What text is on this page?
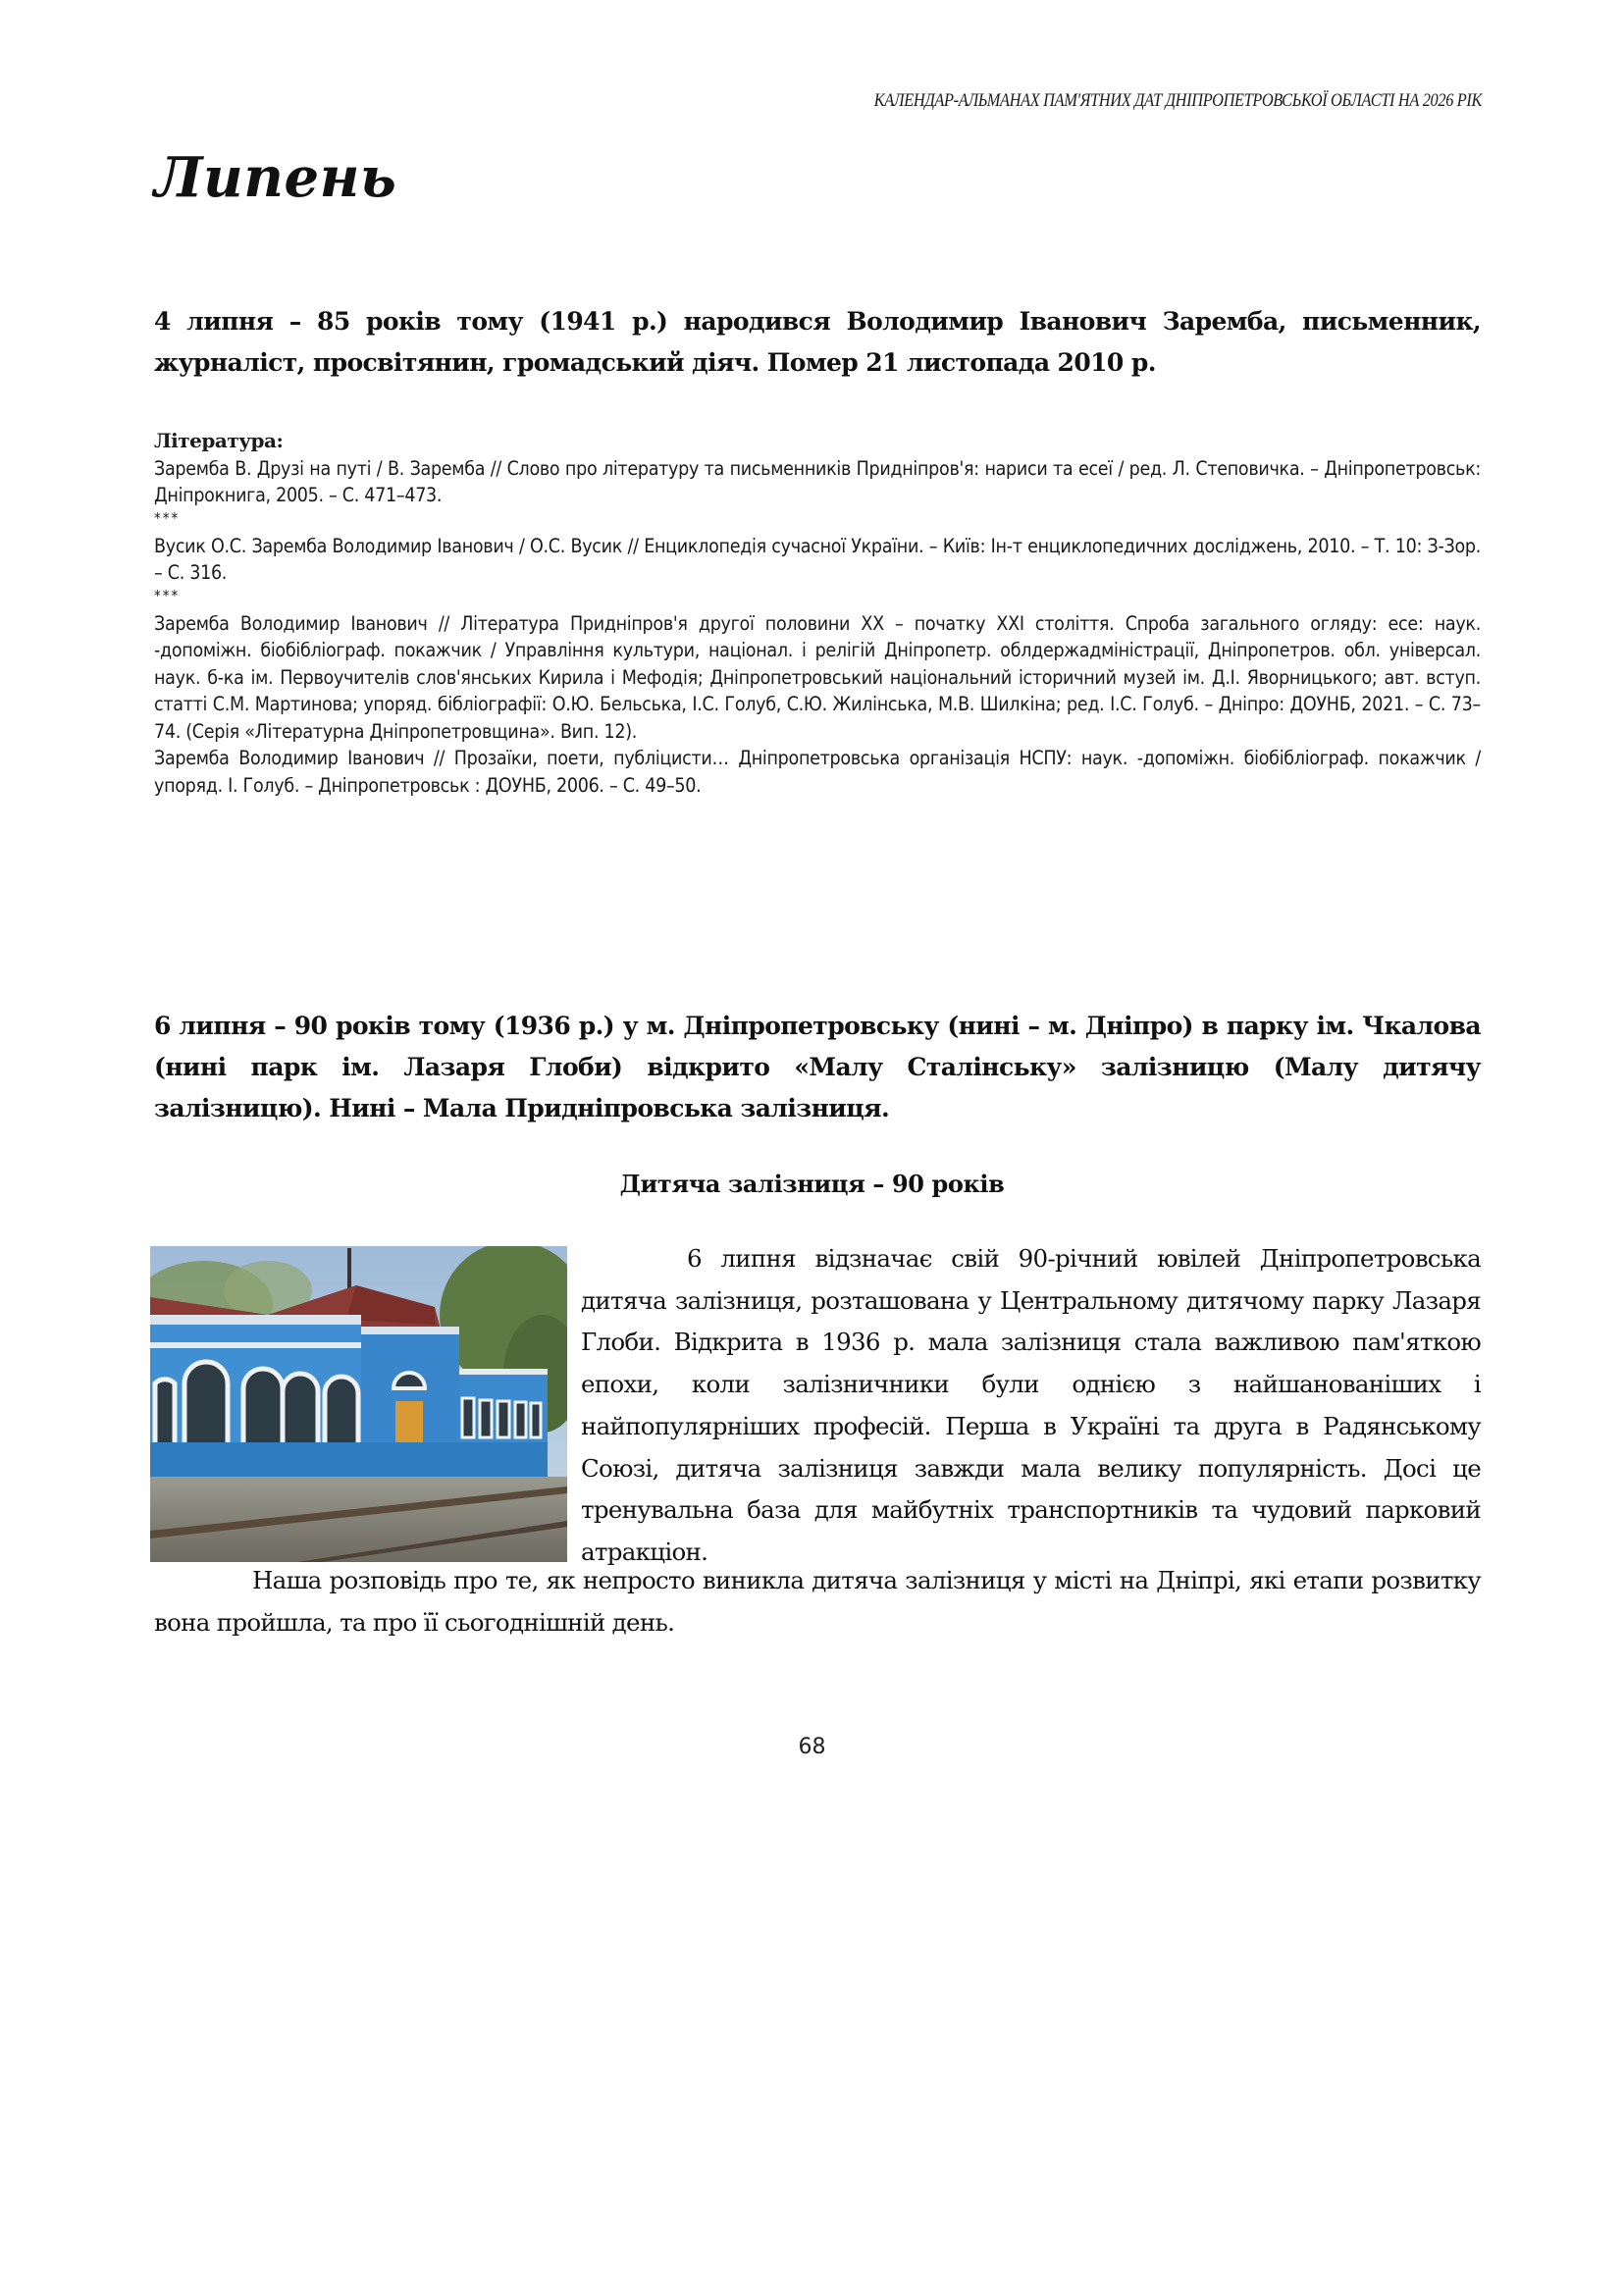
КАЛЕНДАР-АЛЬМАНАХ ПАМ'ЯТНИХ ДАТ ДНІПРОПЕТРОВСЬКОЇ ОБЛАСТІ НА 2026 РІК
Липень
4 липня – 85 років тому (1941 р.) народився Володимир Іванович Заремба, письменник, журналіст, просвітянин, громадський діяч. Помер 21 листопада 2010 р.
Література:
Заремба В. Друзі на путі / В. Заремба // Слово про літературу та письменників Придніпров'я: нариси та есеї / ред. Л. Степовичка. – Дніпропетровськ: Дніпрокнига, 2005. – С. 471–473.
***
Вусик О.С. Заремба Володимир Іванович / О.С. Вусик // Енциклопедія сучасної України. – Київ: Ін-т енциклопедичних досліджень, 2010. – Т. 10: З-Зор. – С. 316.
***
Заремба Володимир Іванович // Література Придніпров'я другої половини ХХ – початку ХХІ століття. Спроба загального огляду: есе: наук. -допоміжн. біобібліограф. покажчик / Управління культури, націонал. і релігій Дніпропетр. облдержадміністрації, Дніпропетров. обл. універсал. наук. б-ка ім. Первоучителів слов'янських Кирила і Мефодія; Дніпропетровський національний історичний музей ім. Д.І. Яворницького; авт. вступ. статті С.М. Мартинова; упоряд. бібліографії: О.Ю. Бельська, І.С. Голуб, С.Ю. Жилінська, М.В. Шилкіна; ред. І.С. Голуб. – Дніпро: ДОУНБ, 2021. – С. 73–74. (Серія «Літературна Дніпропетровщина». Вип. 12).
Заремба Володимир Іванович // Прозаїки, поети, публіцисти… Дніпропетровська організація НСПУ: наук. -допоміжн. біобібліограф. покажчик / упоряд. І. Голуб. – Дніпропетровськ : ДОУНБ, 2006. – С. 49–50.
6 липня – 90 років тому (1936 р.) у м. Дніпропетровську (нині – м. Дніпро) в парку ім. Чкалова (нині парк ім. Лазаря Глоби) відкрито «Малу Сталінську» залізницю (Малу дитячу залізницю). Нині – Мала Придніпровська залізниця.
Дитяча залізниця – 90 років

6 липня відзначає свій 90-річний ювілей Дніпропетровська дитяча залізниця, розташована у Центральному дитячому парку Лазаря Глоби. Відкрита в 1936 р. мала залізниця стала важливою пам'яткою епохи, коли залізничники були однією з найшанованіших і найпопулярніших професій. Перша в Україні та друга в Радянському Союзі, дитяча залізниця завжди мала велику популярність. Досі це тренувальна база для майбутніх транспортників та чудовий парковий атракціон.

Наша розповідь про те, як непросто виникла дитяча залізниця у місті на Дніпрі, які етапи розвитку вона пройшла, та про її сьогоднішній день.

68
